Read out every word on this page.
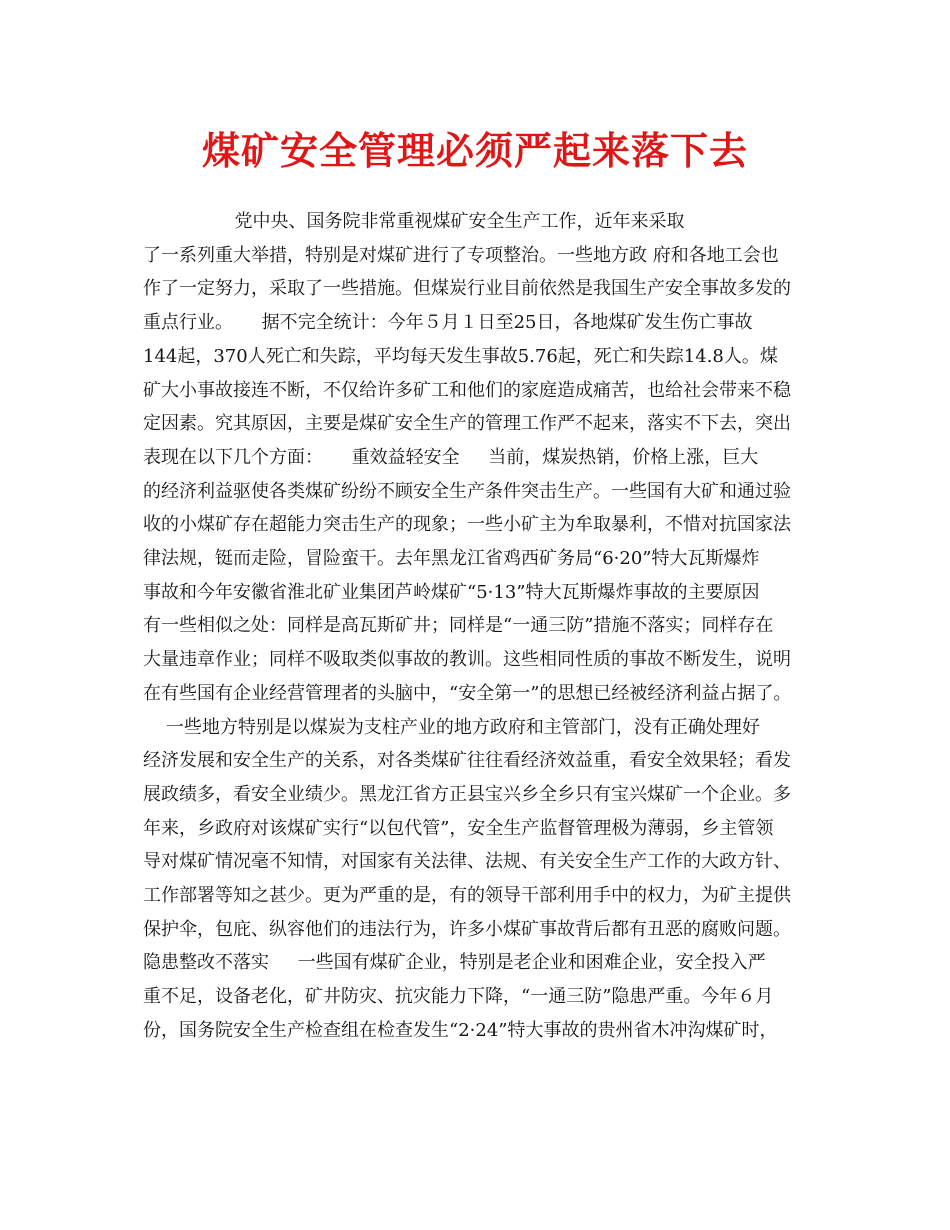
煤矿安全管理必须严起来落下去

党中央、国务院非常重视煤矿安全生产工作，近年来采取

了一系列重大举措，特别是对煤矿进行了专项整治。一些地方政 府和各地工会也

作了一定努力，采取了一些措施。但煤炭行业目前依然是我国生产安全事故多发的

重点行业。     据不完全统计：今年５月１日至25日，各地煤矿发生伤亡事故

144起，370人死亡和失踪，平均每天发生事故5.76起，死亡和失踪14.8人。煤

矿大小事故接连不断，不仅给许多矿工和他们的家庭造成痛苦，也给社会带来不稳

定因素。究其原因，主要是煤矿安全生产的管理工作严不起来，落实不下去，突出

表现在以下几个方面：     重效益轻安全     当前，煤炭热销，价格上涨，巨大

的经济利益驱使各类煤矿纷纷不顾安全生产条件突击生产。一些国有大矿和通过验

收的小煤矿存在超能力突击生产的现象；一些小矿主为牟取暴利，不惜对抗国家法

律法规，铤而走险，冒险蛮干。去年黑龙江省鸡西矿务局“6·20”特大瓦斯爆炸

事故和今年安徽省淮北矿业集团芦岭煤矿“5·13”特大瓦斯爆炸事故的主要原因

有一些相似之处：同样是高瓦斯矿井；同样是“一通三防”措施不落实；同样存在

大量违章作业；同样不吸取类似事故的教训。这些相同性质的事故不断发生，说明

在有些国有企业经营管理者的头脑中，“安全第一”的思想已经被经济利益占据了。

一些地方特别是以煤炭为支柱产业的地方政府和主管部门，没有正确处理好

经济发展和安全生产的关系，对各类煤矿往往看经济效益重，看安全效果轻；看发

展政绩多，看安全业绩少。黑龙江省方正县宝兴乡全乡只有宝兴煤矿一个企业。多

年来，乡政府对该煤矿实行“以包代管”，安全生产监督管理极为薄弱，乡主管领

导对煤矿情况毫不知情，对国家有关法律、法规、有关安全生产工作的大政方针、

工作部署等知之甚少。更为严重的是，有的领导干部利用手中的权力，为矿主提供

保护伞，包庇、纵容他们的违法行为，许多小煤矿事故背后都有丑恶的腐败问题。

隐患整改不落实     一些国有煤矿企业，特别是老企业和困难企业，安全投入严

重不足，设备老化，矿井防灾、抗灾能力下降，“一通三防”隐患严重。今年６月

份，国务院安全生产检查组在检查发生“2·24”特大事故的贵州省木冲沟煤矿时，
